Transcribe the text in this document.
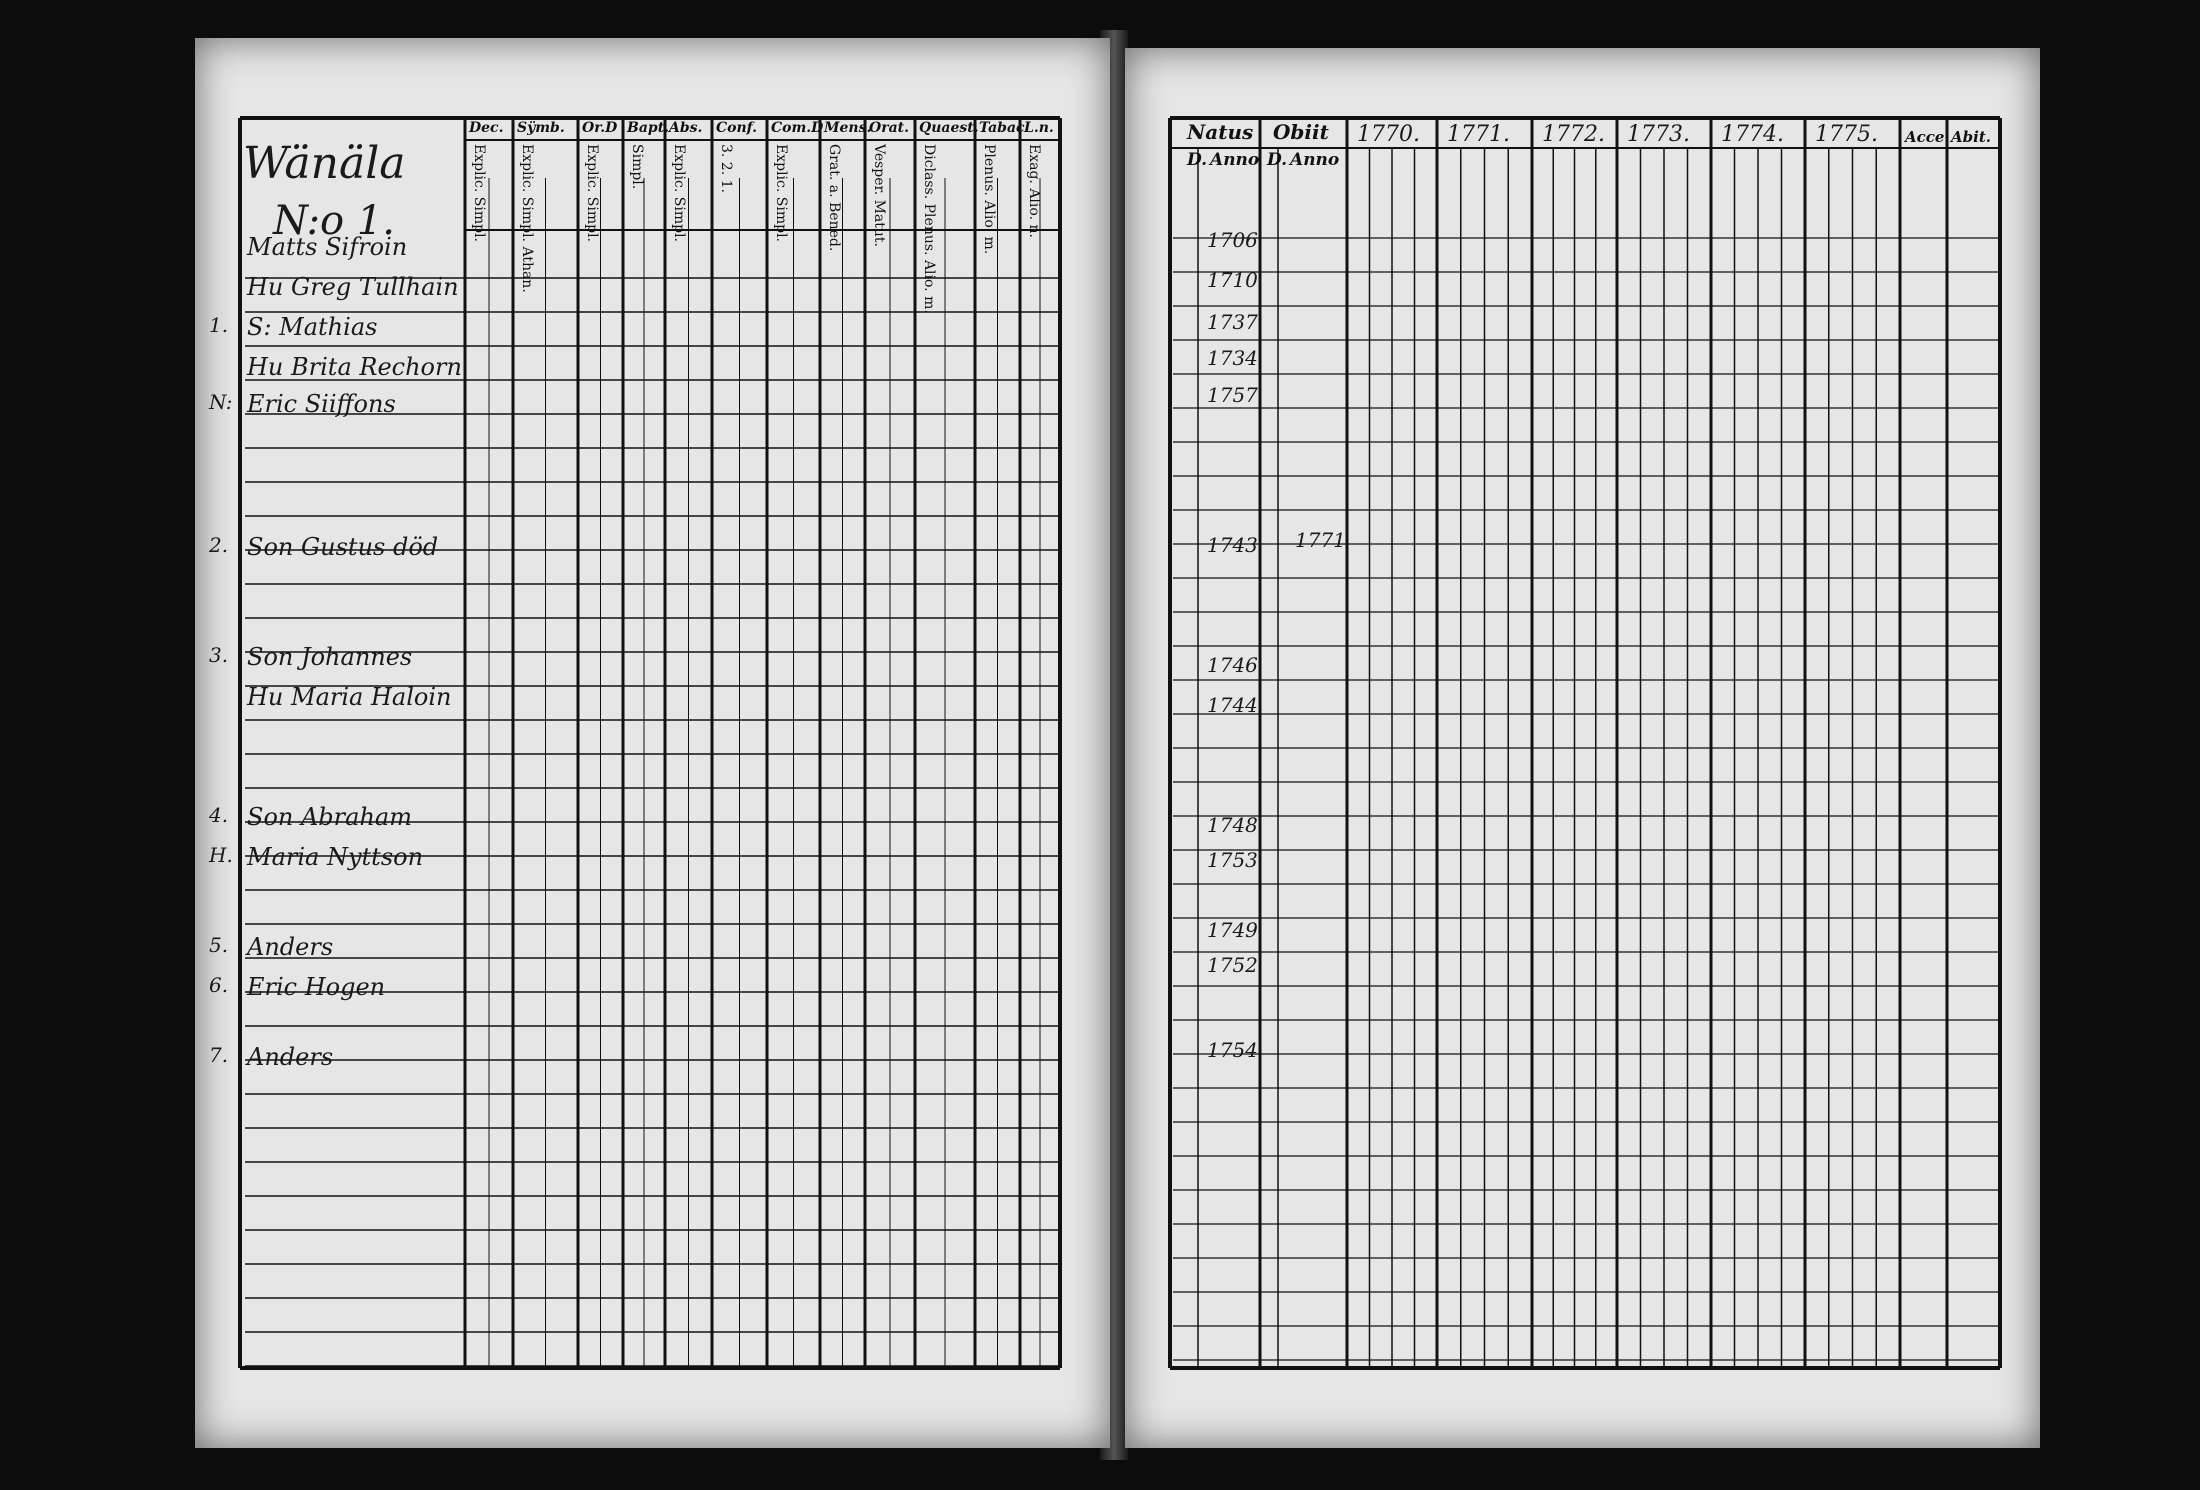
Wänäla
N:o 1.
Dec.
Explic. Simpl.
Sÿmb.
Explic. Simpl. Athan.
Or.D
Explic. Simpl.
Bapt.
Simpl.
Abs.
Explic. Simpl.
Conf.
3. 2. 1.
Com.D
Explic. Simpl.
Mens.
Grat. a. Bened.
Orat.
Vesper. Matut.
Quaest.
Diclass. Plenus. Alio. m.
Tabac
Plenus. Alio. m.
L.n.
Exag. Alio. n.
Matts Sifroin
Hu Greg Tullhain
1. S: Mathias
Hu Brita Rechorn
N: Eric Siiffons
2. Son Gustus död
3. Son Johannes
Hu Maria Haloin
4. Son Abraham
H. Maria Nyttson
5. Anders
6. Eric Hogen
7. Anders
Natus Obiit
D. Anno D. Anno
1770. 1771. 1772. 1773. 1774. 1775. Acce. Abit.
1706
1710
1737
1734
1757
1743
1746
1744
1748
1753
1749
1752
1754
1771
